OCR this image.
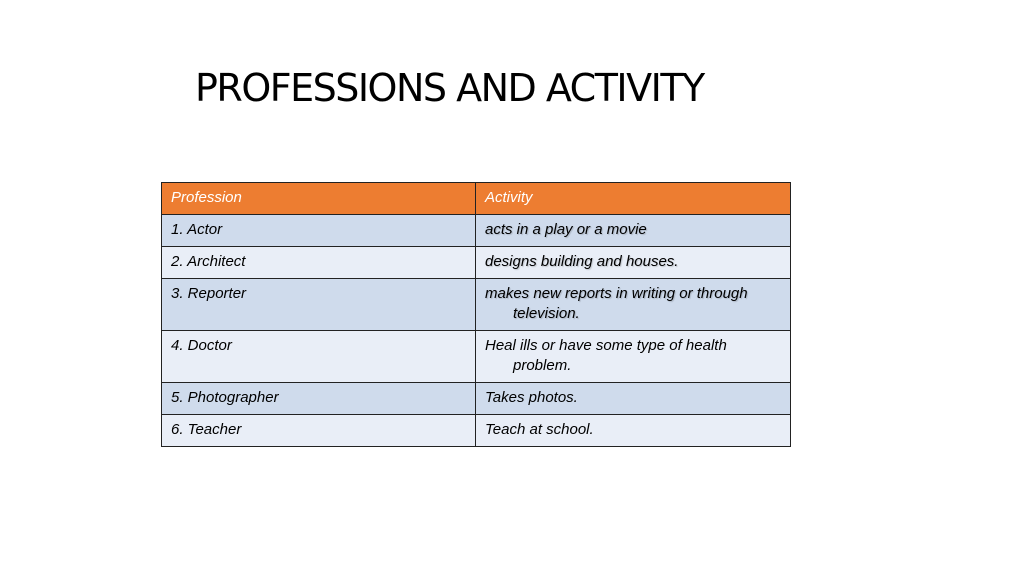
PROFESSIONS AND ACTIVITY
Profession	Activity
1. Actor	acts in a play or a movie

2. Architect	designs building and houses.

3. Reporter	makes new reports in writing or through television.

4. Doctor	Heal ills or have some type of health problem.

5. Photographer	Takes photos.

6. Teacher	Teach at school.
